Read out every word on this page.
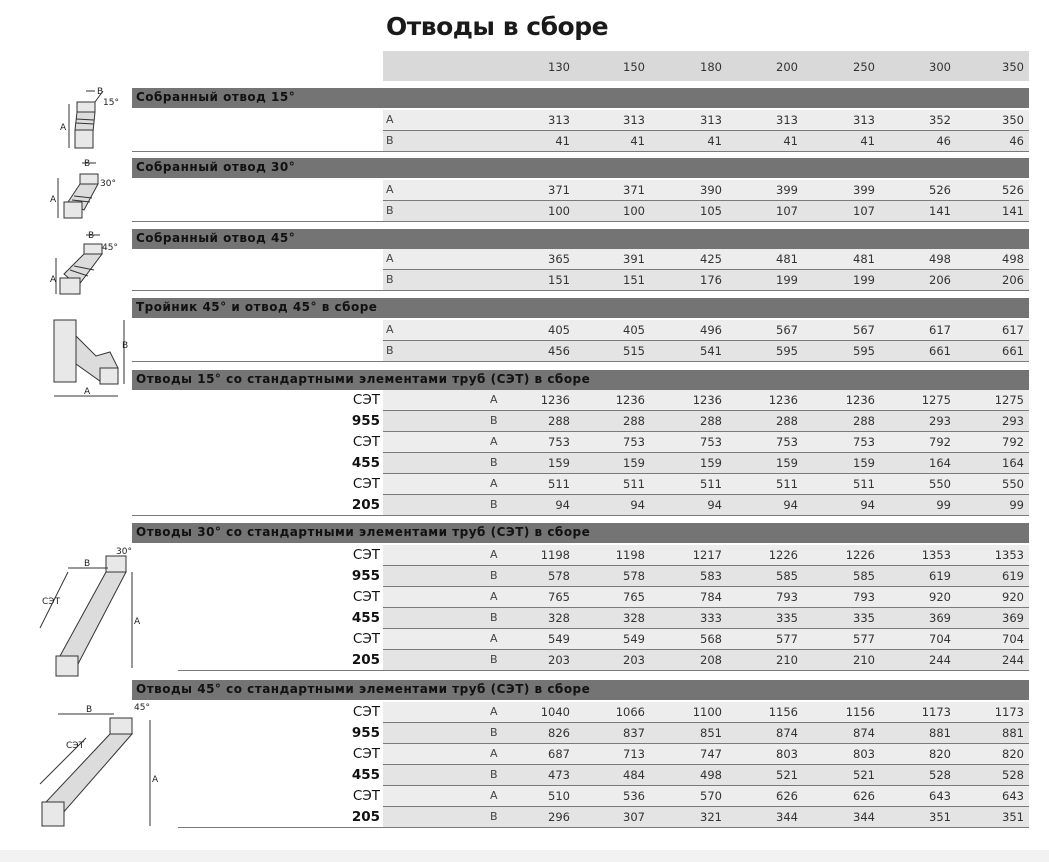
Отводы в сборе
130	150	180	200	250	300	350
Собранный отвод 15°
A	313	313	313	313	313	352	350
B	41	41	41	41	41	46	46
Собранный отвод 30°
A	371	371	390	399	399	526	526
B	100	100	105	107	107	141	141
Собранный отвод 45°
A	365	391	425	481	481	498	498
B	151	151	176	199	199	206	206
Тройник 45° и отвод 45° в сборе
A	405	405	496	567	567	617	617
B	456	515	541	595	595	661	661
Отводы 15° со стандартными элементами труб (СЭТ) в сборе
СЭТ	A	1236	1236	1236	1236	1236	1275	1275
955	B	288	288	288	288	288	293	293
СЭТ	A	753	753	753	753	753	792	792
455	B	159	159	159	159	159	164	164
СЭТ	A	511	511	511	511	511	550	550
205	B	94	94	94	94	94	99	99
Отводы 30° со стандартными элементами труб (СЭТ) в сборе
СЭТ	A	1198	1198	1217	1226	1226	1353	1353
955	B	578	578	583	585	585	619	619
СЭТ	A	765	765	784	793	793	920	920
455	B	328	328	333	335	335	369	369
СЭТ	A	549	549	568	577	577	704	704
205	B	203	203	208	210	210	244	244
Отводы 45° со стандартными элементами труб (СЭТ) в сборе
СЭТ	A	1040	1066	1100	1156	1156	1173	1173
955	B	826	837	851	874	874	881	881
СЭТ	A	687	713	747	803	803	820	820
455	B	473	484	498	521	521	528	528
СЭТ	A	510	536	570	626	626	643	643
205	B	296	307	321	344	344	351	351
A
B
15°
A
B
30°
A
B
45°
A
B
B
30°
СЭТ
A
B	45°
СЭТ
A
